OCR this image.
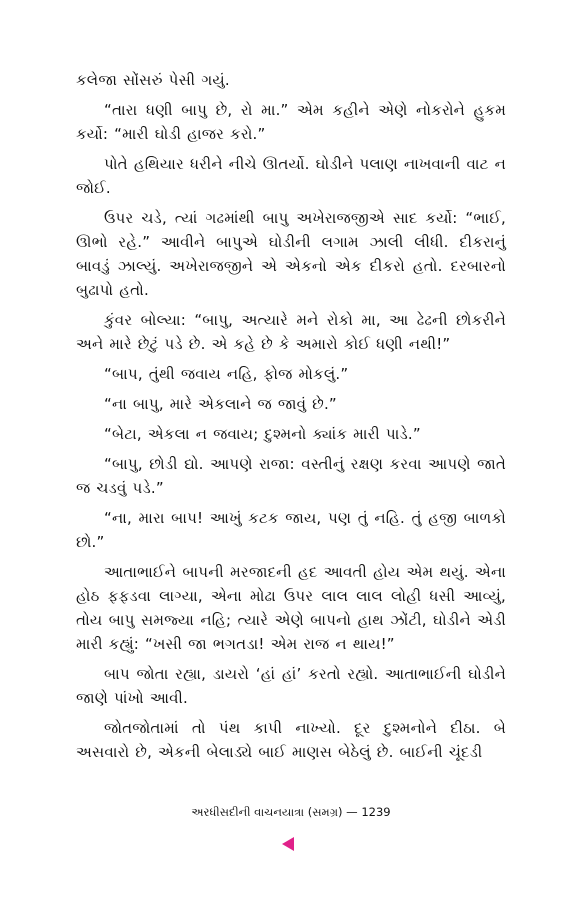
કલેજા સોંસરું પેસી ગયું.

“તારા ધણી બાપુ છે, રો મા.” એમ કહીને એણે નોકરોને હુકમ કર્યો: “મારી ઘોડી હાજર કરો.”

પોતે હથિયાર ધરીને નીચે ઊતર્યો. ઘોડીને પલાણ નાખવાની વાટ ન જોઈ.

ઉપર ચડે, ત્યાં ગઢમાંથી બાપુ અખેરાજજીએ સાદ કર્યો: “ભાઈ, ઊભો રહે.” આવીને બાપુએ ઘોડીની લગામ ઝાલી લીધી. દીકરાનું બાવડું ઝાલ્યું. અખેરાજજીને એ એકનો એક દીકરો હતો. દરબારનો બુઢાપો હતો.

કુંવર બોલ્યા: “બાપુ, અત્યારે મને રોકો મા, આ ઢેઢની છોકરીને અને મારે છેટું પડે છે. એ કહે છે કે અમારો કોઈ ધણી નથી!”

“બાપ, તુંથી જવાય નહિ, ફોજ મોકલું.”

“ના બાપુ, મારે એકલાને જ જાવું છે.”

“બેટા, એકલા ન જવાય; દુશ્મનો ક્યાંક મારી પાડે.”

“બાપુ, છોડી દ્યો. આપણે રાજા: વસ્તીનું રક્ષણ કરવા આપણે જાતે જ ચડવું પડે.”

“ના, મારા બાપ! આખું કટક જાય, પણ તું નહિ. તું હજી બાળકો છો.”

આતાભાઈને બાપની મરજાદની હદ આવતી હોય એમ થયું. એના હોઠ ફફડવા લાગ્યા, એના મોઢા ઉપર લાલ લાલ લોહી ધસી આવ્યું, તોય બાપુ સમજ્યા નહિ; ત્યારે એણે બાપનો હાથ ઝોંટી, ઘોડીને એડી મારી કહ્યું: “ખસી જા ભગતડા! એમ રાજ ન થાય!”

બાપ જોતા રહ્યા, ડાયરો ‘હાં હાં’ કરતો રહ્યો. આતાભાઈની ઘોડીને જાણે પાંખો આવી.

જોતજોતામાં તો પંથ કાપી નાખ્યો. દૂર દુશ્મનોને દીઠા. બે અસવારો છે, એકની બેલાડ્યે બાઈ માણસ બેઠેલું છે. બાઈની ચૂંદડી

અરધીસદીની વાચનયાત્રા (સમગ્ર) — 1239
